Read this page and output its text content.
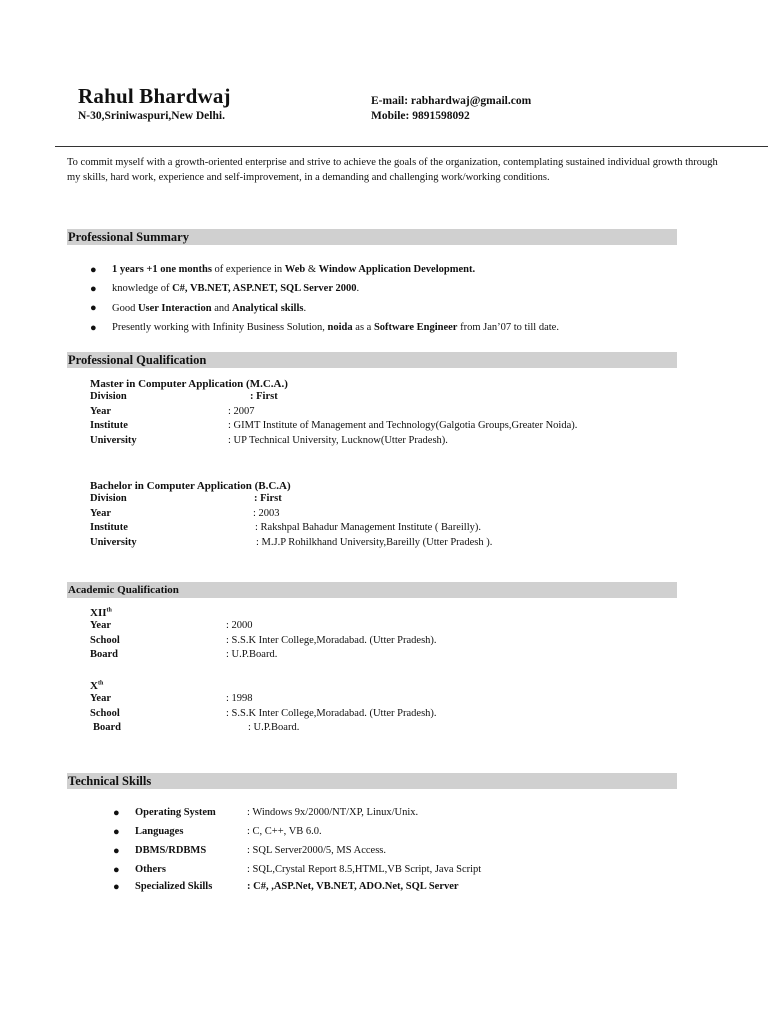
Rahul Bhardwaj
N-30,Sriniwaspuri,New Delhi.
E-mail: rabhardwaj@gmail.com
Mobile: 9891598092
To commit myself with a growth-oriented enterprise and strive to achieve the goals of the organization, contemplating sustained individual growth through my skills, hard work, experience and self-improvement, in a demanding and challenging work/working conditions.
Professional Summary
●	1 years +1 one months of experience in Web & Window Application Development.
●	knowledge of C#, VB.NET, ASP.NET, SQL Server 2000.
●	Good User Interaction and Analytical skills.
●	Presently working with Infinity Business Solution, noida as a Software Engineer from Jan’07 to till date.
Professional Qualification
Master in Computer Application (M.C.A.)
Division	: First
Year	: 2007
Institute	: GIMT Institute of Management and Technology(Galgotia Groups,Greater Noida).
University	: UP Technical University, Lucknow(Utter Pradesh).
Bachelor in Computer Application (B.C.A)
Division	: First
Year	: 2003
Institute	: Rakshpal Bahadur Management Institute ( Bareilly).
University	: M.J.P Rohilkhand University,Bareilly (Utter Pradesh ).
Academic Qualification
XIIth
Year	: 2000
School	: S.S.K Inter College,Moradabad. (Utter Pradesh).
Board	: U.P.Board.
Xth
Year	: 1998
School	: S.S.K Inter College,Moradabad. (Utter Pradesh).
Board	: U.P.Board.
Technical Skills
●	Operating System	: Windows 9x/2000/NT/XP, Linux/Unix.
●	Languages	: C, C++, VB 6.0.
●	DBMS/RDBMS	: SQL Server2000/5, MS Access.
●	Others	: SQL,Crystal Report 8.5,HTML,VB Script, Java Script
●	Specialized Skills	: C#, ,ASP.Net, VB.NET, ADO.Net, SQL Server
